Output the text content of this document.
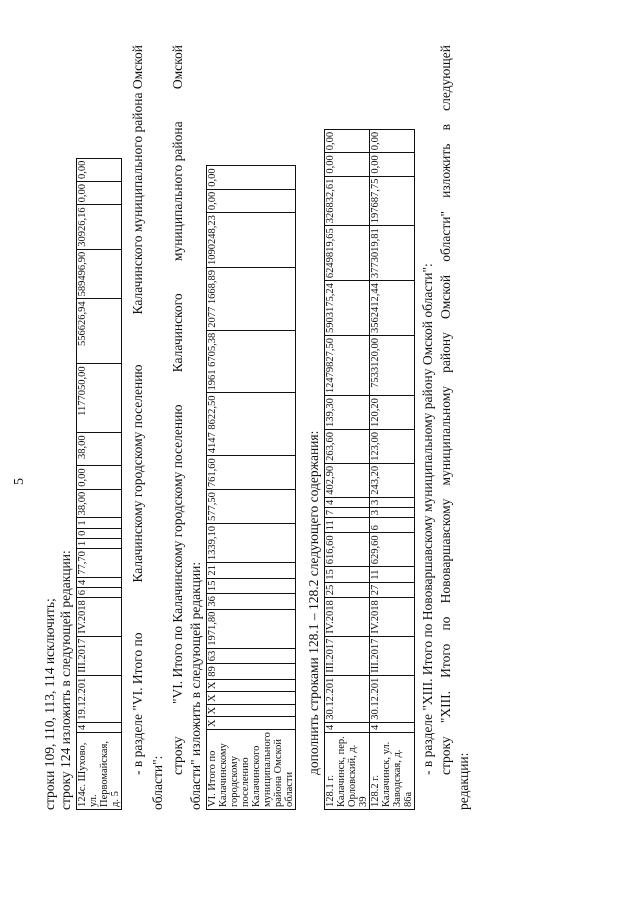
5
строки 109, 110, 113, 114 исключить; строку 124 изложить в следующей редакции: 124с. Шухово, ул. Первомайская, д. 5	4	19.12.201	III.2017	IV.2018	6	4	77,70	1	0	1	38,00	0,00	38,00	1177050,00	556626,94	589496,90	30926,16	0,00	0,00
- в разделе "VI. Итого по
Калачинскому городскому поселению
Калачинского муниципального района Омской
области": строку
"VI. Итого по Калачинскому городскому поселению
Калачинского
муниципального района
Омской
области" изложить в следующей редакции: VI. Итого по Калачинскому городскому поселению Калачинского муниципального района Омской области	X	X	X	X	89	63	1971,80	36	15	21	1339,10	577,50	761,60	4147 8622,50	1961 6705,38	2077 1668,89	1090248,23	0,00	0,00
дополнить строками 128.1 – 128.2 следующего содержания:
128.1 г. Калачинск, пер. Орловский, д. 39	4	30.12.201	III.2017	IV.2018	25	15	616,60	11	7	4	402,90	263,60	139,30	12479827,50	5903175,24	6249819,65	326832,61	0,00	0,00
128.2 г. Калачинск, ул. Заводская, д. 86а	4	30.12.201	III.2017	IV.2018	27	11	629,60	6	3	3	243,20	123,00	120,20	7533120,00	3562412,44	3773019,81	197687,75	0,00	0,00
- в разделе "XIII. Итого по Нововаршавскому муниципальному району Омской области": строку
"XIII.
Итого
по
Нововаршавскому
муниципальному
району
Омской
области"
изложить
в
следующей
редакции:
